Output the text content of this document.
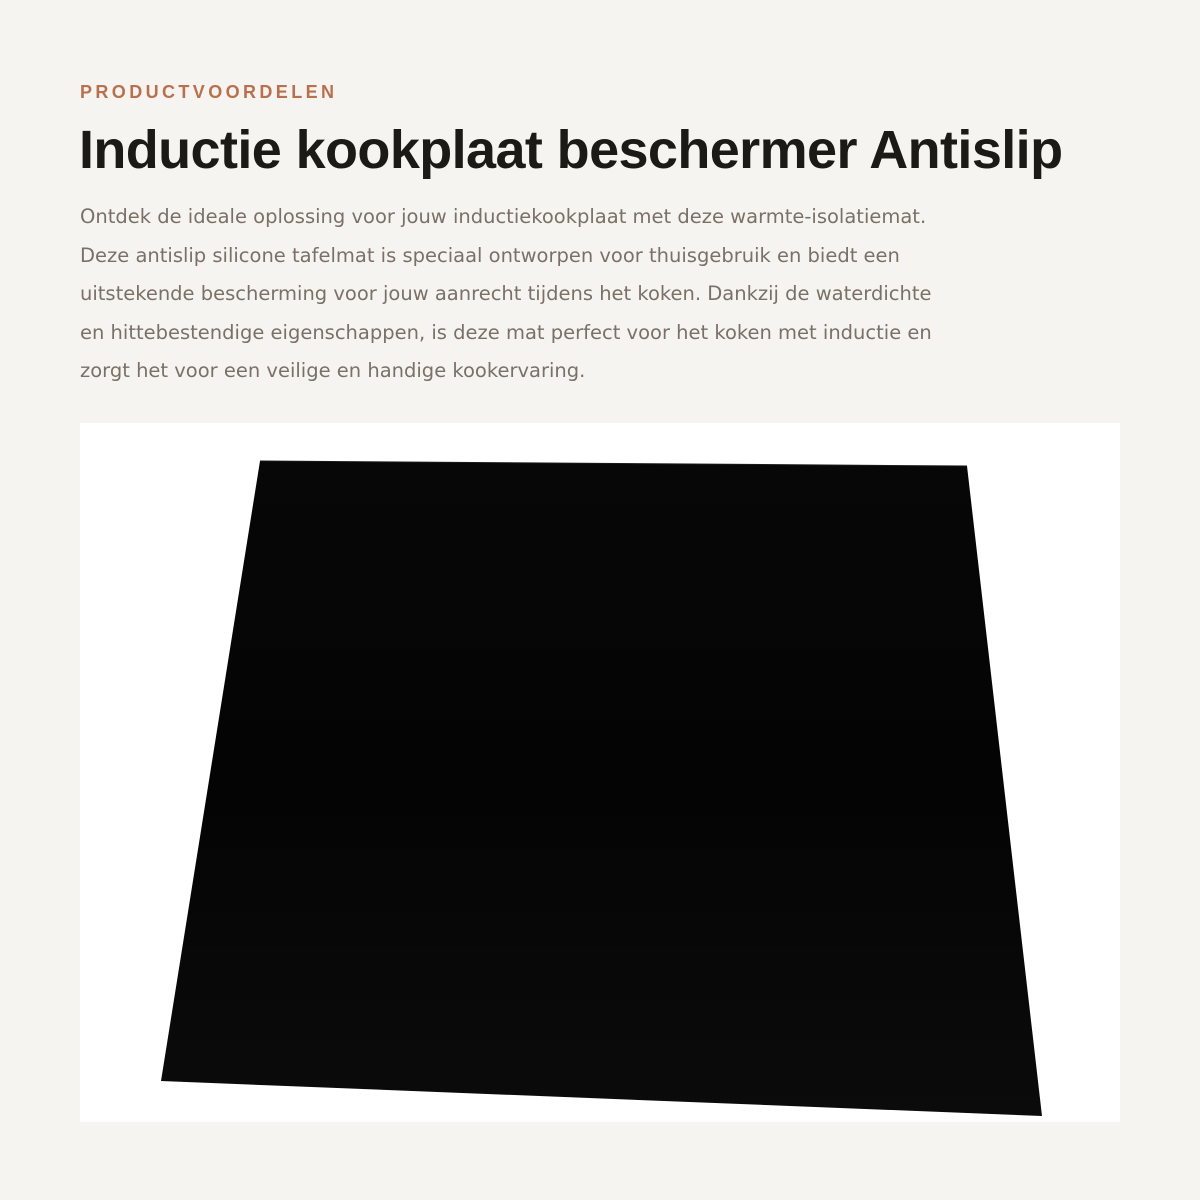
PRODUCTVOORDELEN

Inductie kookplaat beschermer Antislip

Ontdek de ideale oplossing voor jouw inductiekookplaat met deze warmte-isolatiemat.
Deze antislip silicone tafelmat is speciaal ontworpen voor thuisgebruik en biedt een
uitstekende bescherming voor jouw aanrecht tijdens het koken. Dankzij de waterdichte
en hittebestendige eigenschappen, is deze mat perfect voor het koken met inductie en
zorgt het voor een veilige en handige kookervaring.
